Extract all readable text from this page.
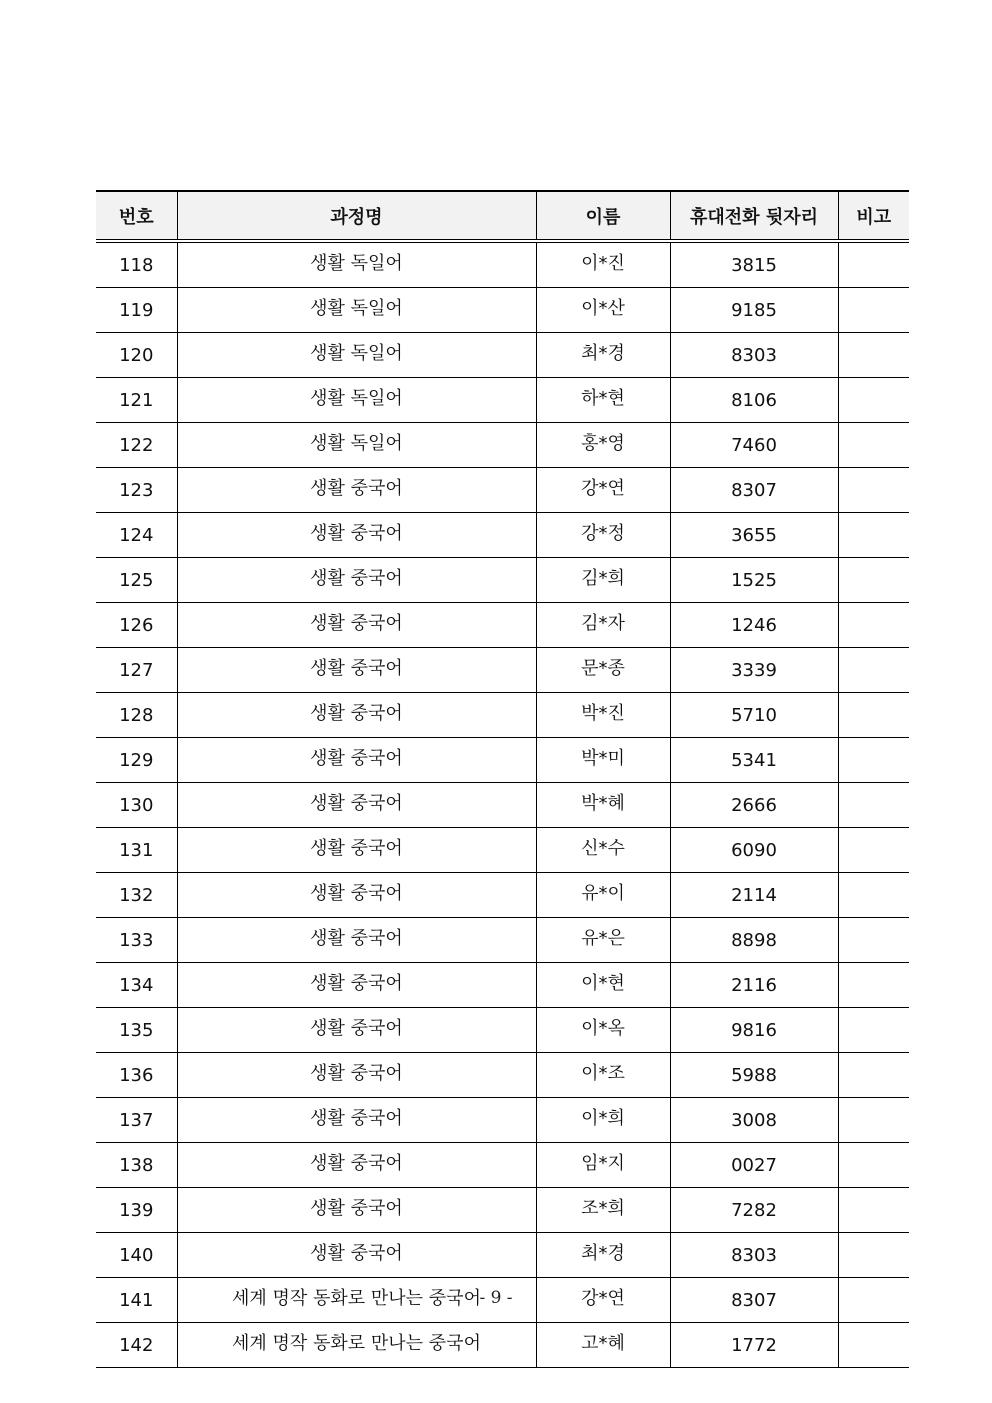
번호	과정명	이름	휴대전화 뒷자리	비고
118	생활 독일어	이*진	3815	
119	생활 독일어	이*산	9185	
120	생활 독일어	최*경	8303	
121	생활 독일어	하*현	8106	
122	생활 독일어	홍*영	7460	
123	생활 중국어	강*연	8307	
124	생활 중국어	강*정	3655	
125	생활 중국어	김*희	1525	
126	생활 중국어	김*자	1246	
127	생활 중국어	문*종	3339	
128	생활 중국어	박*진	5710	
129	생활 중국어	박*미	5341	
130	생활 중국어	박*혜	2666	
131	생활 중국어	신*수	6090	
132	생활 중국어	유*이	2114	
133	생활 중국어	유*은	8898	
134	생활 중국어	이*현	2116	
135	생활 중국어	이*옥	9816	
136	생활 중국어	이*조	5988	
137	생활 중국어	이*희	3008	
138	생활 중국어	임*지	0027	
139	생활 중국어	조*희	7282	
140	생활 중국어	최*경	8303	
141	세계 명작 동화로 만나는 중국어	강*연	8307	
142	세계 명작 동화로 만나는 중국어	고*혜	1772	
- 9 -
